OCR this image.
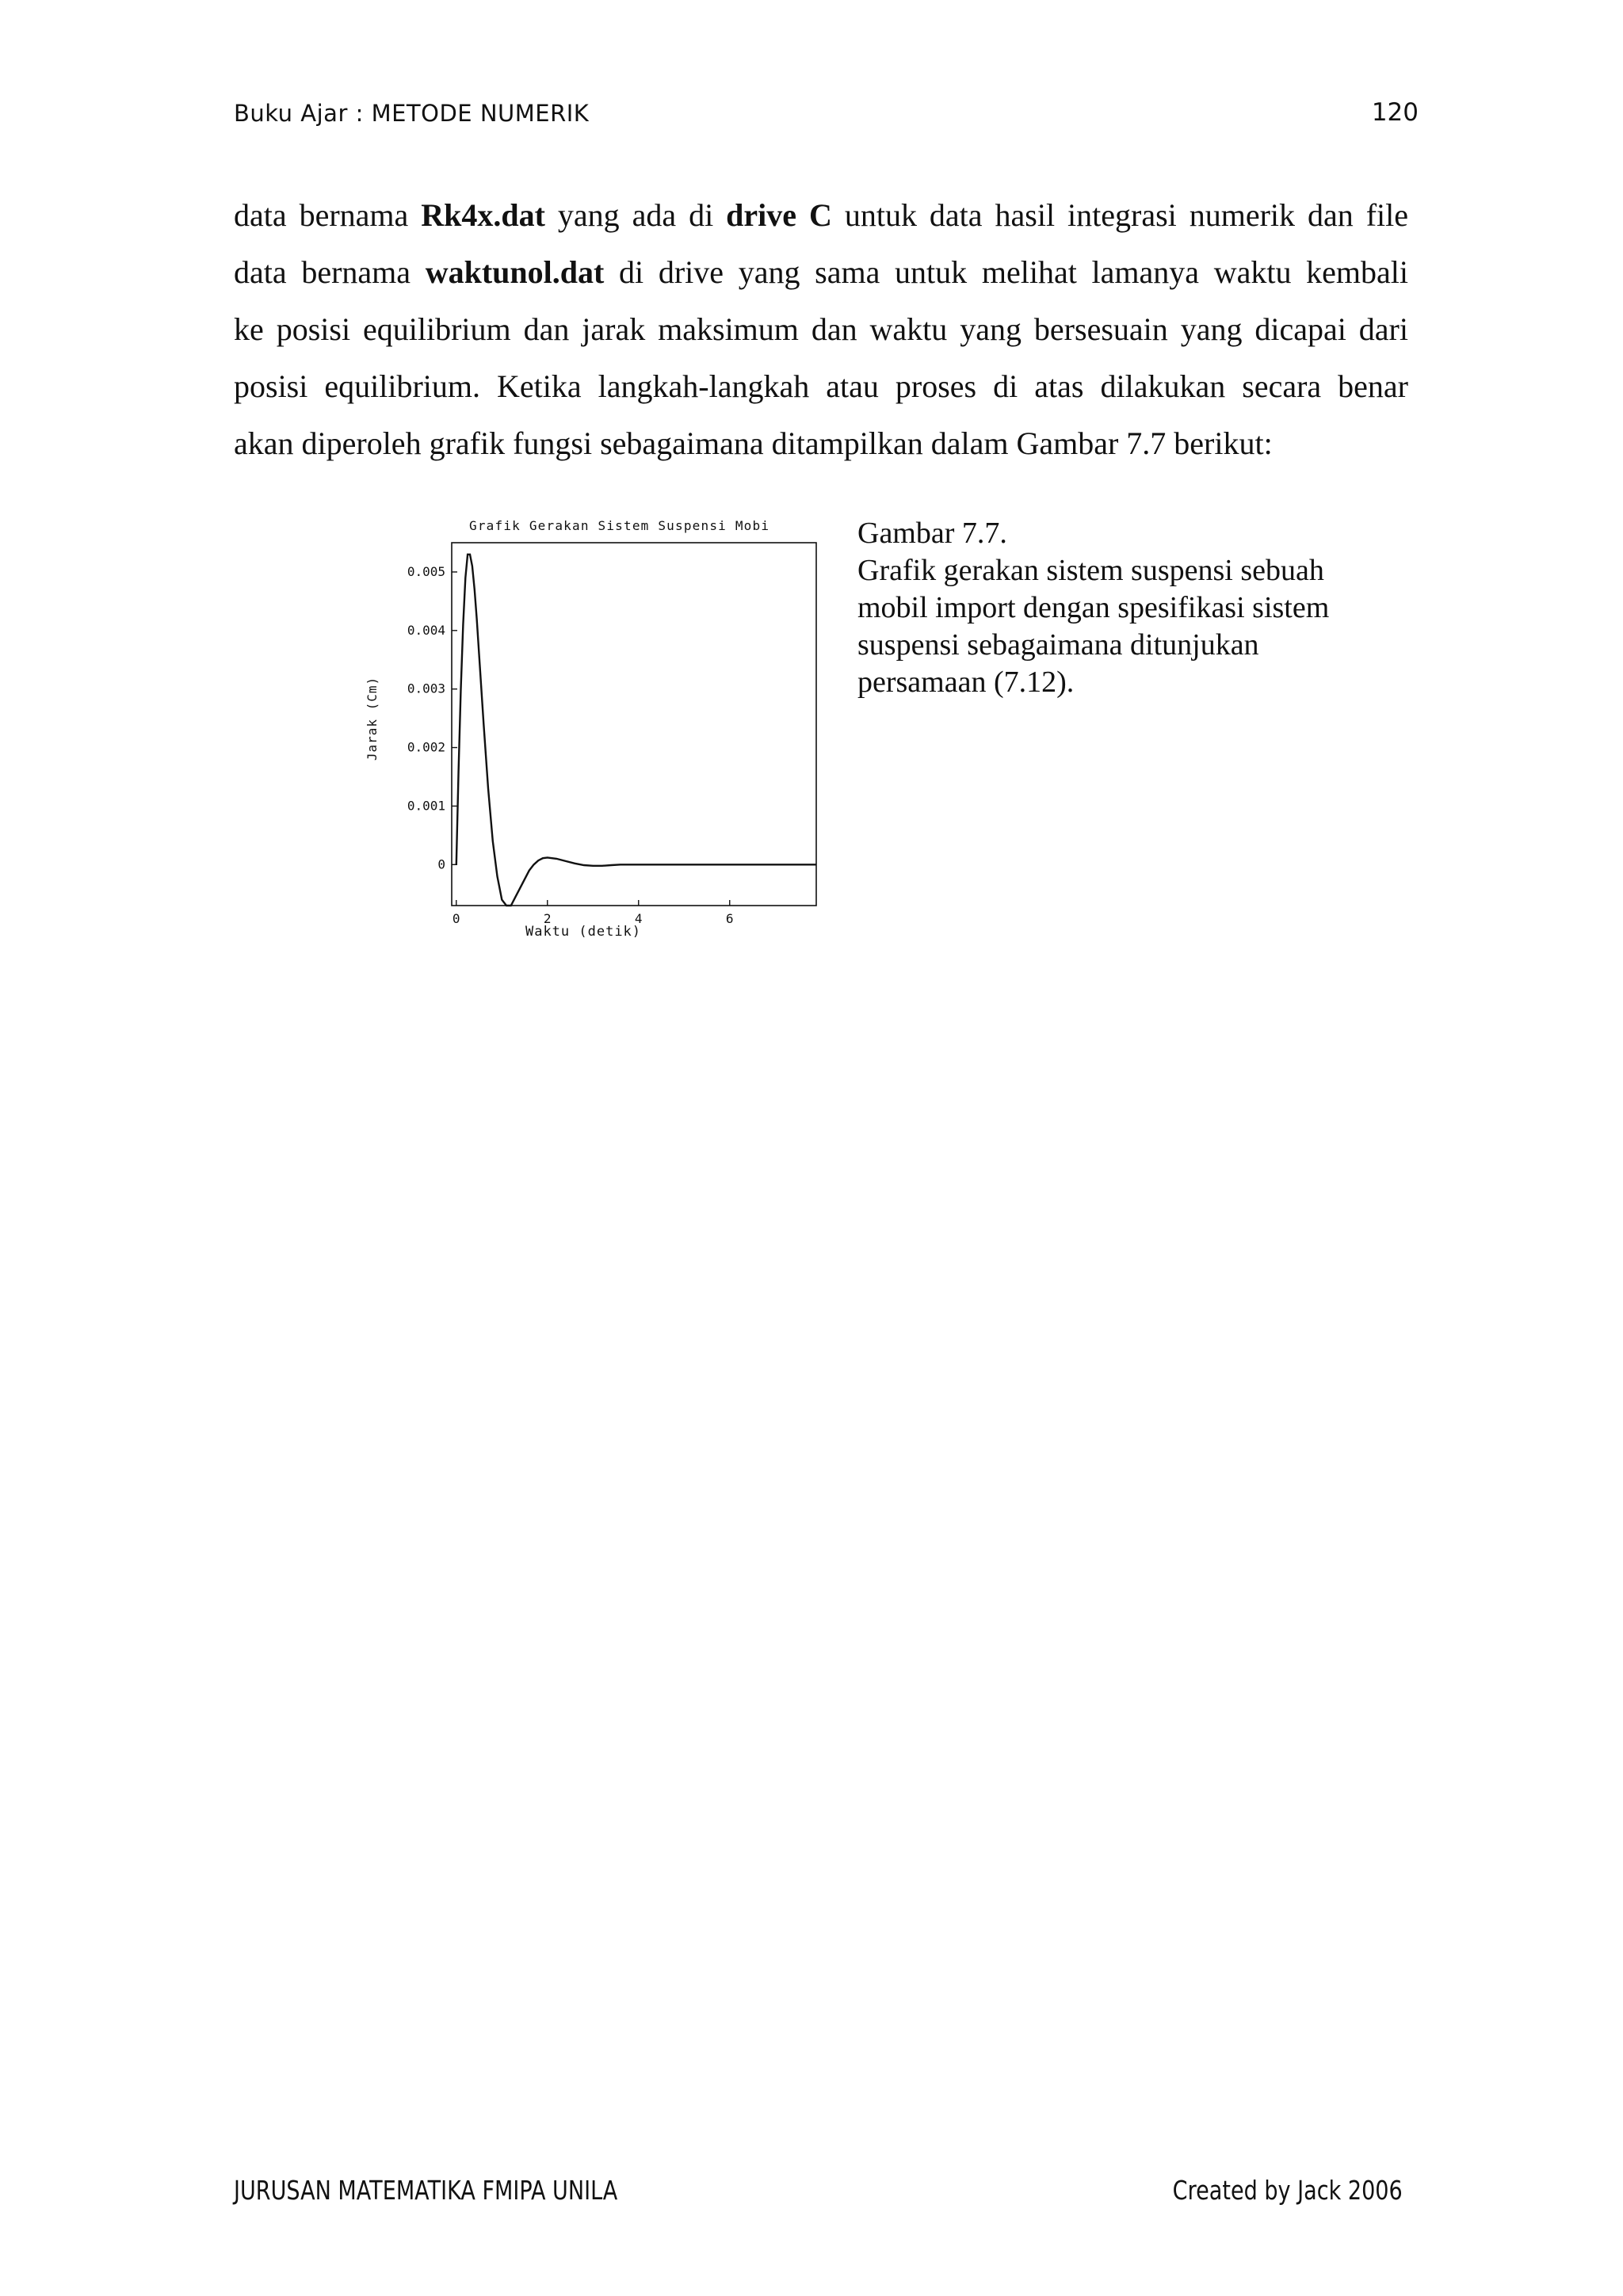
Buku Ajar : METODE NUMERIK	120
data bernama Rk4x.dat yang ada di drive C untuk data hasil integrasi numerik dan file
data bernama waktunol.dat di drive yang sama untuk melihat lamanya waktu kembali
ke posisi equilibrium dan jarak maksimum dan waktu yang bersesuain yang dicapai dari
posisi equilibrium. Ketika langkah-langkah atau proses di atas dilakukan secara benar
akan diperoleh grafik fungsi sebagaimana ditampilkan dalam Gambar 7.7 berikut:
Grafik Gerakan Sistem Suspensi Mobi
0.005
0.004
0.003
0.002
0.001
0
0	2	4	6
Waktu (detik)
Jarak (Cm)
Gambar 7.7.
Grafik gerakan sistem suspensi sebuah
mobil import dengan spesifikasi sistem
suspensi sebagaimana ditunjukan
persamaan (7.12).
JURUSAN MATEMATIKA FMIPA UNILA	Created by Jack 2006
